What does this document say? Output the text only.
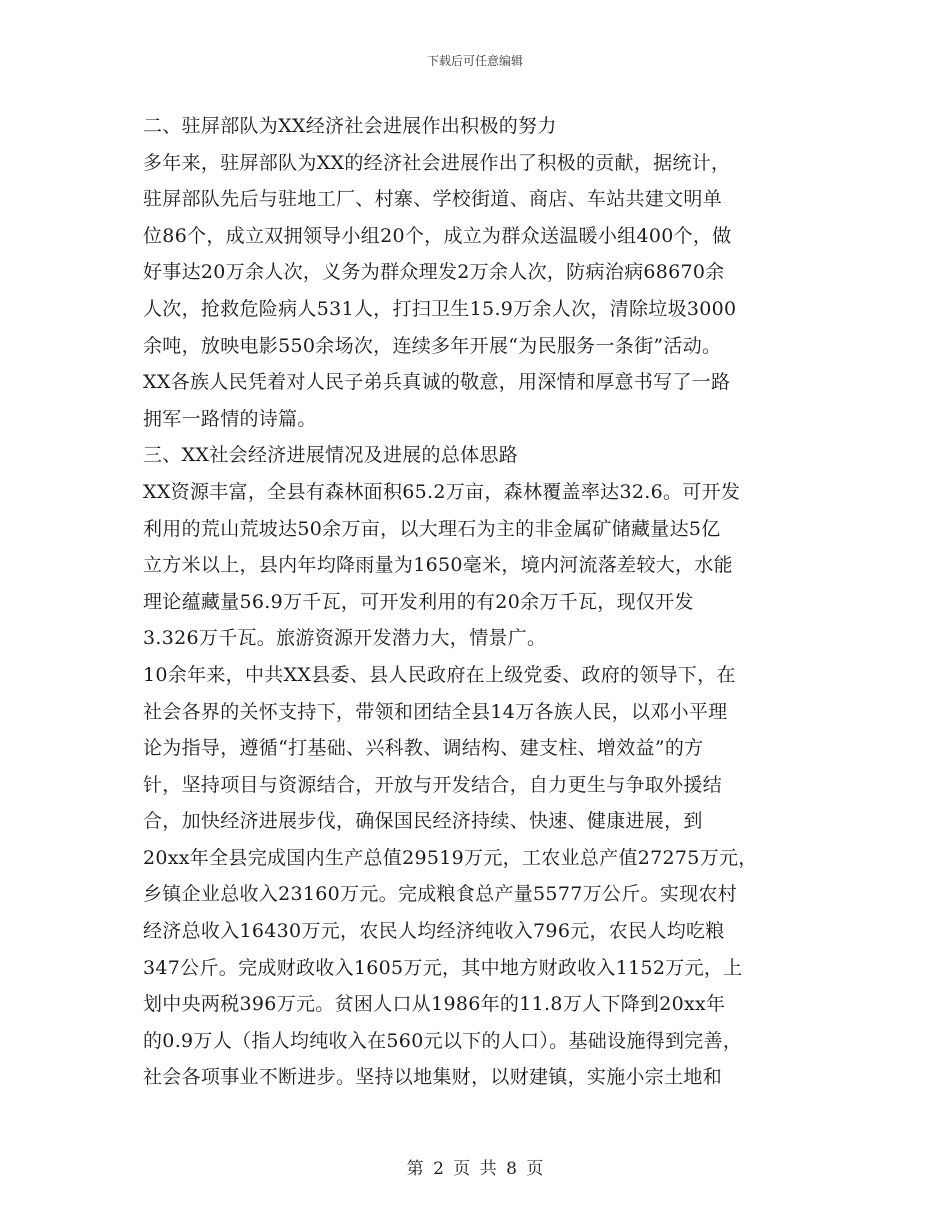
下载后可任意编辑
二、驻屏部队为XX经济社会进展作出积极的努力
多年来，驻屏部队为XX的经济社会进展作出了积极的贡献，据统计，
驻屏部队先后与驻地工厂、村寨、学校街道、商店、车站共建文明单
位86个，成立双拥领导小组20个，成立为群众送温暖小组400个，做
好事达20万余人次，义务为群众理发2万余人次，防病治病68670余
人次，抢救危险病人531人，打扫卫生15.9万余人次，清除垃圾3000
余吨，放映电影550余场次，连续多年开展“为民服务一条街”活动。
XX各族人民凭着对人民子弟兵真诚的敬意，用深情和厚意书写了一路
拥军一路情的诗篇。
三、XX社会经济进展情况及进展的总体思路
XX资源丰富，全县有森林面积65.2万亩，森林覆盖率达32.6。可开发
利用的荒山荒坡达50余万亩，以大理石为主的非金属矿储藏量达5亿
立方米以上，县内年均降雨量为1650毫米，境内河流落差较大，水能
理论蕴藏量56.9万千瓦，可开发利用的有20余万千瓦，现仅开发
3.326万千瓦。旅游资源开发潜力大，情景广。
10余年来，中共XX县委、县人民政府在上级党委、政府的领导下，在
社会各界的关怀支持下，带领和团结全县14万各族人民，以邓小平理
论为指导，遵循“打基础、兴科教、调结构、建支柱、增效益”的方
针，坚持项目与资源结合，开放与开发结合，自力更生与争取外援结
合，加快经济进展步伐，确保国民经济持续、快速、健康进展，到
20xx年全县完成国内生产总值29519万元，工农业总产值27275万元，
乡镇企业总收入23160万元。完成粮食总产量5577万公斤。实现农村
经济总收入16430万元，农民人均经济纯收入796元，农民人均吃粮
347公斤。完成财政收入1605万元，其中地方财政收入1152万元，上
划中央两税396万元。贫困人口从1986年的11.8万人下降到20xx年
的0.9万人（指人均纯收入在560元以下的人口）。基础设施得到完善，
社会各项事业不断进步。坚持以地集财，以财建镇，实施小宗土地和
第 2 页 共 8 页
